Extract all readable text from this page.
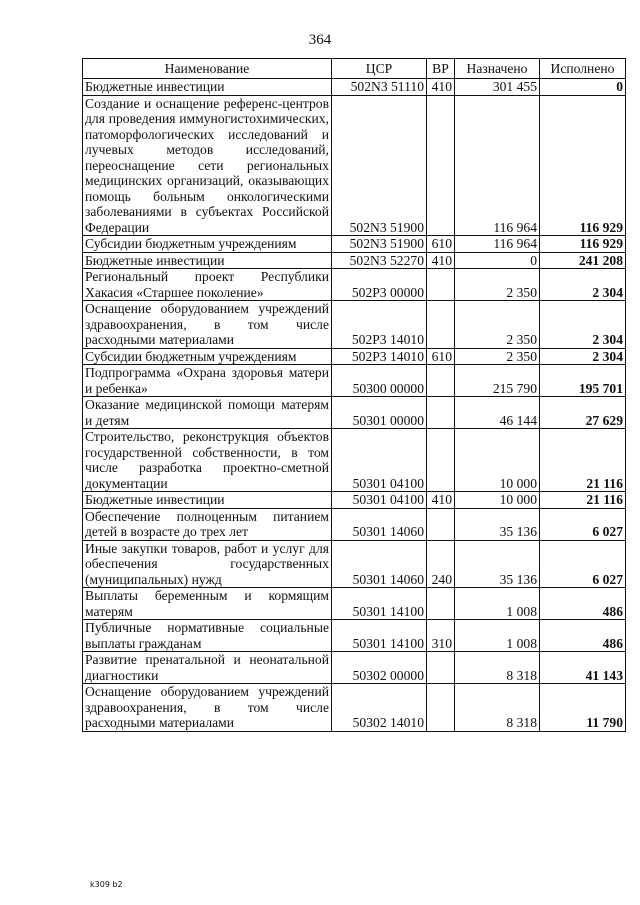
364
Наименование	ЦСР	ВР	Назначено	Исполнено
Бюджетные инвестиции	502N3 51110	410	301 455	0
Создание и оснащение референс-центров для проведения иммуногистохимических, патоморфологических исследований и лучевых методов исследований, переоснащение сети региональных медицинских организаций, оказывающих помощь больным онкологическими заболеваниями в субъектах Российской Федерации	502N3 51900		116 964	116 929
Субсидии бюджетным учреждениям	502N3 51900	610	116 964	116 929
Бюджетные инвестиции	502N3 52270	410	0	241 208
Региональный проект Республики Хакасия «Старшее поколение»	502P3 00000		2 350	2 304
Оснащение оборудованием учреждений здравоохранения, в том числе расходными материалами	502P3 14010		2 350	2 304
Субсидии бюджетным учреждениям	502P3 14010	610	2 350	2 304
Подпрограмма «Охрана здоровья матери и ребенка»	50300 00000		215 790	195 701
Оказание медицинской помощи матерям и детям	50301 00000		46 144	27 629
Строительство, реконструкция объектов государственной собственности, в том числе разработка проектно-сметной документации	50301 04100		10 000	21 116
Бюджетные инвестиции	50301 04100	410	10 000	21 116
Обеспечение полноценным питанием детей в возрасте до трех лет	50301 14060		35 136	6 027
Иные закупки товаров, работ и услуг для обеспечения государственных (муниципальных) нужд	50301 14060	240	35 136	6 027
Выплаты беременным и кормящим матерям	50301 14100		1 008	486
Публичные нормативные социальные выплаты гражданам	50301 14100	310	1 008	486
Развитие пренатальной и неонатальной диагностики	50302 00000		8 318	41 143
Оснащение оборудованием учреждений здравоохранения, в том числе расходными материалами	50302 14010		8 318	11 790
k309 b2
